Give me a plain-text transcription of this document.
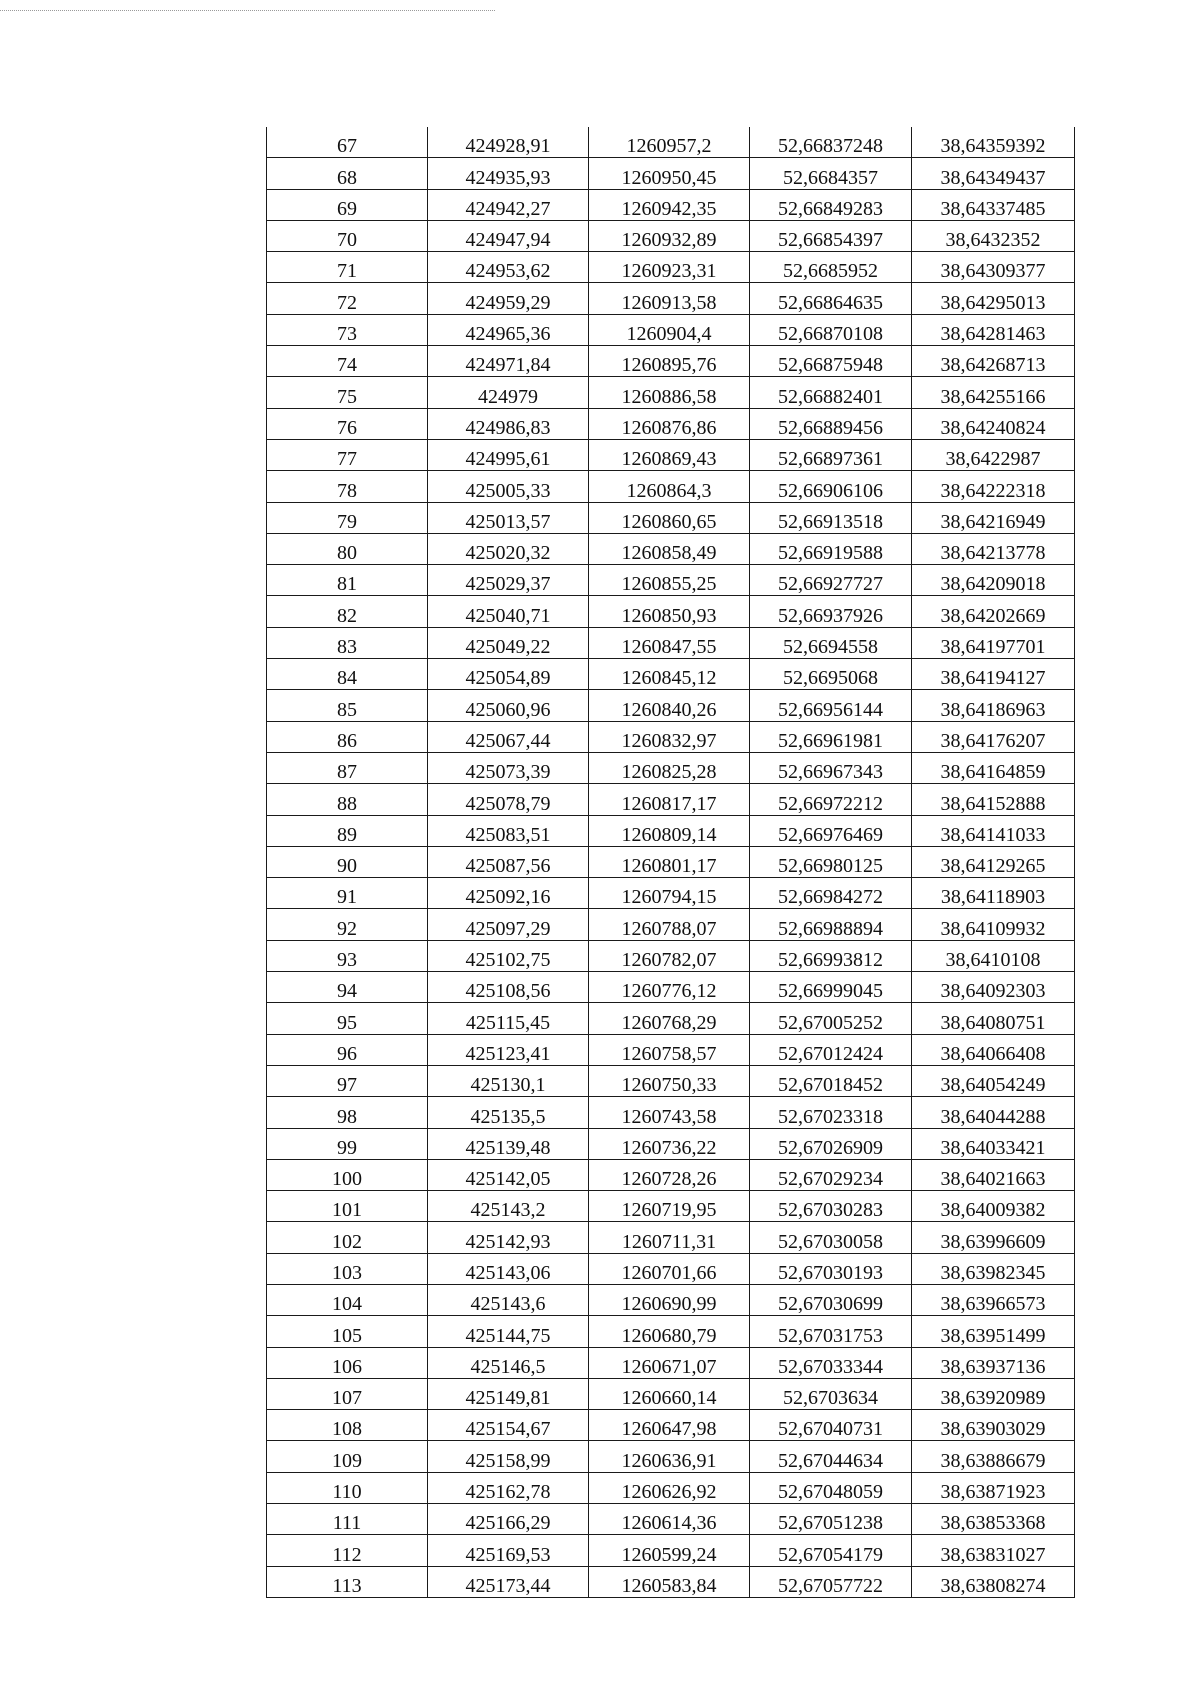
67	424928,91	1260957,2	52,66837248	38,64359392
68	424935,93	1260950,45	52,6684357	38,64349437
69	424942,27	1260942,35	52,66849283	38,64337485
70	424947,94	1260932,89	52,66854397	38,6432352
71	424953,62	1260923,31	52,6685952	38,64309377
72	424959,29	1260913,58	52,66864635	38,64295013
73	424965,36	1260904,4	52,66870108	38,64281463
74	424971,84	1260895,76	52,66875948	38,64268713
75	424979	1260886,58	52,66882401	38,64255166
76	424986,83	1260876,86	52,66889456	38,64240824
77	424995,61	1260869,43	52,66897361	38,6422987
78	425005,33	1260864,3	52,66906106	38,64222318
79	425013,57	1260860,65	52,66913518	38,64216949
80	425020,32	1260858,49	52,66919588	38,64213778
81	425029,37	1260855,25	52,66927727	38,64209018
82	425040,71	1260850,93	52,66937926	38,64202669
83	425049,22	1260847,55	52,6694558	38,64197701
84	425054,89	1260845,12	52,6695068	38,64194127
85	425060,96	1260840,26	52,66956144	38,64186963
86	425067,44	1260832,97	52,66961981	38,64176207
87	425073,39	1260825,28	52,66967343	38,64164859
88	425078,79	1260817,17	52,66972212	38,64152888
89	425083,51	1260809,14	52,66976469	38,64141033
90	425087,56	1260801,17	52,66980125	38,64129265
91	425092,16	1260794,15	52,66984272	38,64118903
92	425097,29	1260788,07	52,66988894	38,64109932
93	425102,75	1260782,07	52,66993812	38,6410108
94	425108,56	1260776,12	52,66999045	38,64092303
95	425115,45	1260768,29	52,67005252	38,64080751
96	425123,41	1260758,57	52,67012424	38,64066408
97	425130,1	1260750,33	52,67018452	38,64054249
98	425135,5	1260743,58	52,67023318	38,64044288
99	425139,48	1260736,22	52,67026909	38,64033421
100	425142,05	1260728,26	52,67029234	38,64021663
101	425143,2	1260719,95	52,67030283	38,64009382
102	425142,93	1260711,31	52,67030058	38,63996609
103	425143,06	1260701,66	52,67030193	38,63982345
104	425143,6	1260690,99	52,67030699	38,63966573
105	425144,75	1260680,79	52,67031753	38,63951499
106	425146,5	1260671,07	52,67033344	38,63937136
107	425149,81	1260660,14	52,6703634	38,63920989
108	425154,67	1260647,98	52,67040731	38,63903029
109	425158,99	1260636,91	52,67044634	38,63886679
110	425162,78	1260626,92	52,67048059	38,63871923
111	425166,29	1260614,36	52,67051238	38,63853368
112	425169,53	1260599,24	52,67054179	38,63831027
113	425173,44	1260583,84	52,67057722	38,63808274
